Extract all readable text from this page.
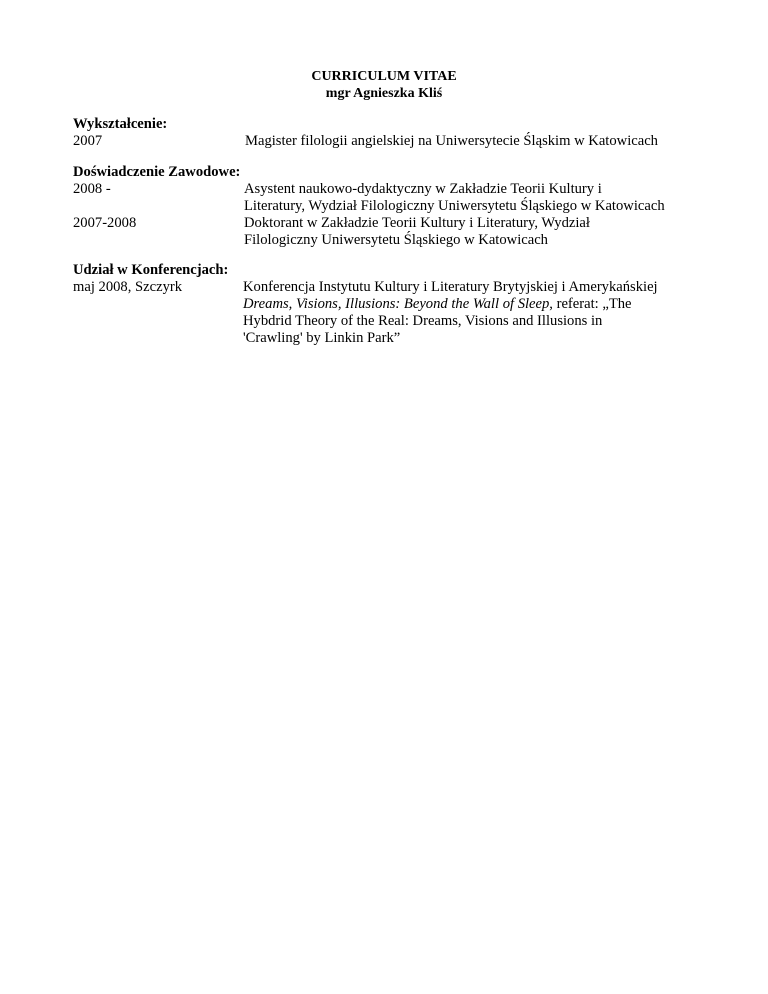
CURRICULUM VITAE
mgr Agnieszka Kliś
Wykształcenie:
2007	Magister filologii angielskiej na Uniwersytecie Śląskim w Katowicach
Doświadczenie Zawodowe:
2008 -	Asystent naukowo-dydaktyczny w Zakładzie Teorii Kultury i
Literatury, Wydział Filologiczny Uniwersytetu Śląskiego w Katowicach
2007-2008	Doktorant w Zakładzie Teorii Kultury i Literatury, Wydział
Filologiczny Uniwersytetu Śląskiego w Katowicach
Udział w Konferencjach:
maj 2008, Szczyrk	Konferencja Instytutu Kultury i Literatury Brytyjskiej i Amerykańskiej
Dreams, Visions, Illusions: Beyond the Wall of Sleep, referat: „The
Hybdrid Theory of the Real: Dreams, Visions and Illusions in
'Crawling' by Linkin Park”
